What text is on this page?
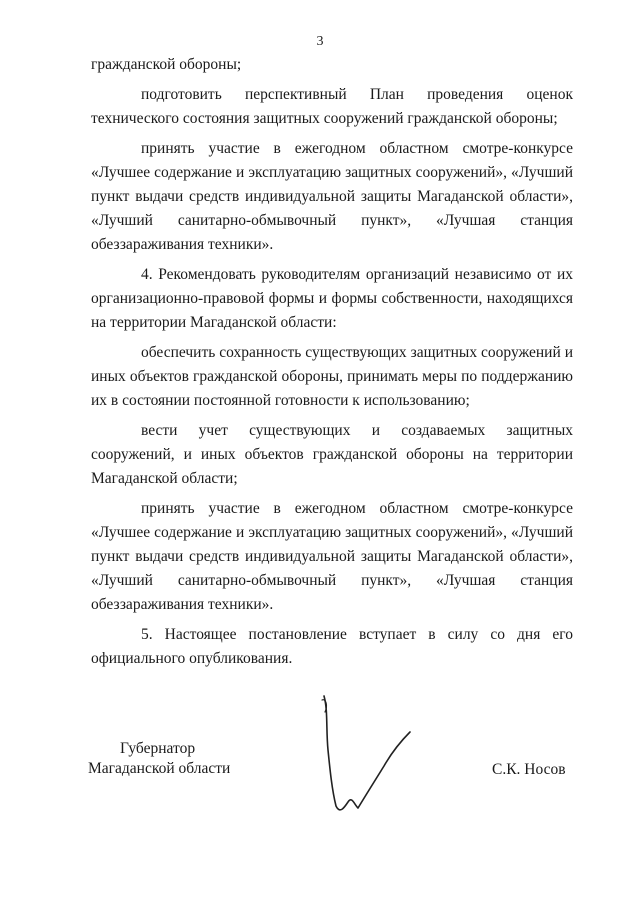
3

гражданской обороны;

подготовить перспективный План проведения оценок технического состояния защитных сооружений гражданской обороны;

принять участие в ежегодном областном смотре-конкурсе «Лучшее содержание и эксплуатацию защитных сооружений», «Лучший пункт выдачи средств индивидуальной защиты Магаданской области», «Лучший санитарно-обмывочный пункт», «Лучшая станция обеззараживания техники».

4. Рекомендовать руководителям организаций независимо от их организационно-правовой формы и формы собственности, находящихся на территории Магаданской области:

обеспечить сохранность существующих защитных сооружений и иных объектов гражданской обороны, принимать меры по поддержанию их в состоянии постоянной готовности к использованию;

вести учет существующих и создаваемых защитных сооружений, и иных объектов гражданской обороны на территории Магаданской области;

принять участие в ежегодном областном смотре-конкурсе «Лучшее содержание и эксплуатацию защитных сооружений», «Лучший пункт выдачи средств индивидуальной защиты Магаданской области», «Лучший санитарно-обмывочный пункт», «Лучшая станция обеззараживания техники».

5. Настоящее постановление вступает в силу со дня его официального опубликования.

Губернатор
Магаданской области	С.К. Носов
